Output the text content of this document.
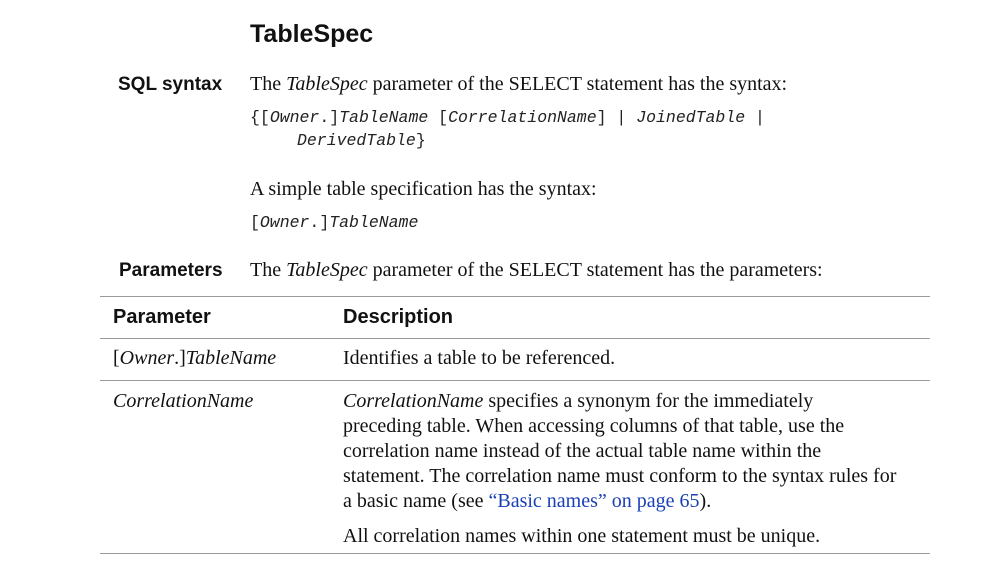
TableSpec
SQL syntax The TableSpec parameter of the SELECT statement has the syntax:
{[Owner.]TableName [CorrelationName] | JoinedTable |
DerivedTable}
A simple table specification has the syntax:
[Owner.]TableName
Parameters The TableSpec parameter of the SELECT statement has the parameters:
Parameter	Description
[Owner.]TableName	Identifies a table to be referenced.
CorrelationName	CorrelationName specifies a synonym for the immediately
preceding table. When accessing columns of that table, use the
correlation name instead of the actual table name within the
statement. The correlation name must conform to the syntax rules for
a basic name (see “Basic names” on page 65).
All correlation names within one statement must be unique.
